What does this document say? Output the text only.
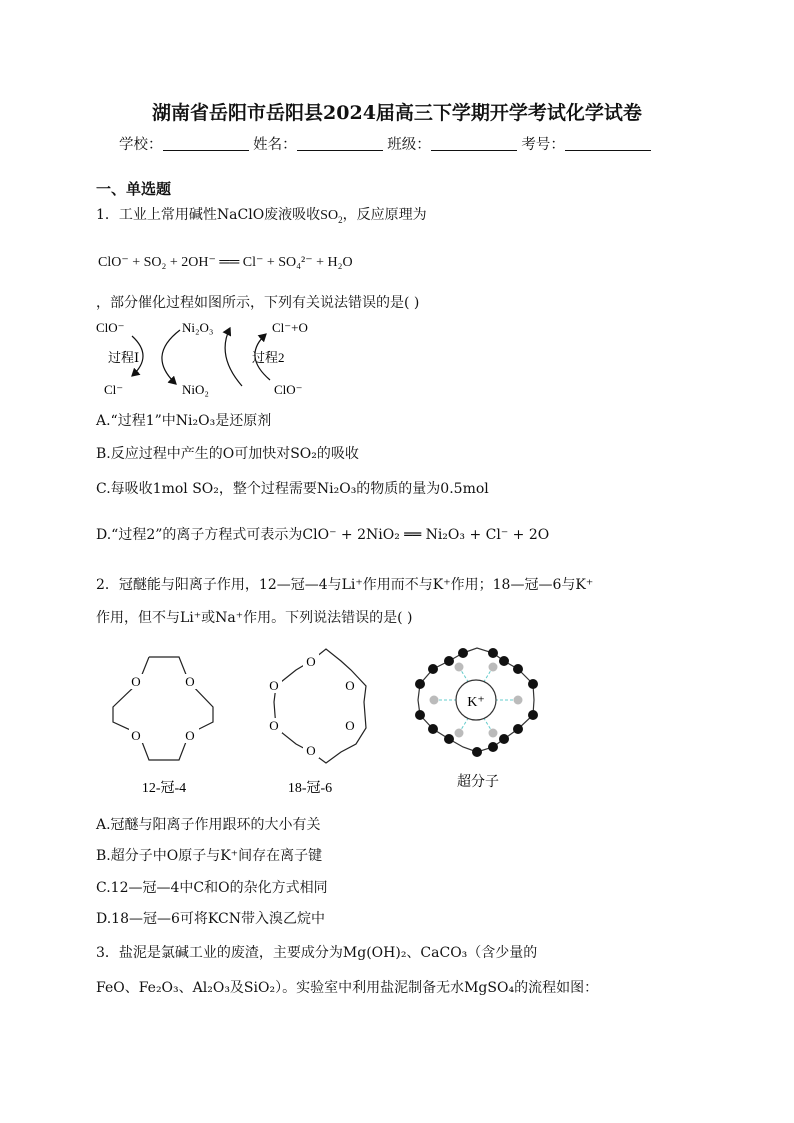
湖南省岳阳市岳阳县2024届高三下学期开学考试化学试卷
学校：	姓名：	班级：	考号：
一、单选题
1．工业上常用碱性NaClO废液吸收$SO_2$，反应原理为
ClO⁻ + SO₂ + 2OH⁻ ══ Cl⁻ + SO₄²⁻ + H₂O
，部分催化过程如图所示，下列有关说法错误的是( )
ClO⁻	Ni₂O₃	Cl⁻+O
过程Ⅰ	过程2
Cl⁻	NiO₂	ClO⁻
A.“过程1”中Ni₂O₃是还原剂
B.反应过程中产生的O可加快对SO₂的吸收
C.每吸收1mol SO₂，整个过程需要Ni₂O₃的物质的量为0.5mol
D.“过程2”的离子方程式可表示为ClO⁻ + 2NiO₂ ══ Ni₂O₃ + Cl⁻ + 2O
2．冠醚能与阳离子作用，12—冠—4与Li⁺作用而不与K⁺作用；18—冠—6与K⁺
作用，但不与Li⁺或Na⁺作用。下列说法错误的是( )
O	O
O	O
12-冠-4
O
O	O
O	O
O
18-冠-6
K⁺
超分子
A.冠醚与阳离子作用跟环的大小有关
B.超分子中O原子与K⁺间存在离子键
C.12—冠—4中C和O的杂化方式相同
D.18—冠—6可将KCN带入溴乙烷中
3．盐泥是氯碱工业的废渣，主要成分为Mg(OH)₂、CaCO₃（含少量的
FeO、Fe₂O₃、Al₂O₃及SiO₂）。实验室中利用盐泥制备无水MgSO₄的流程如图：
